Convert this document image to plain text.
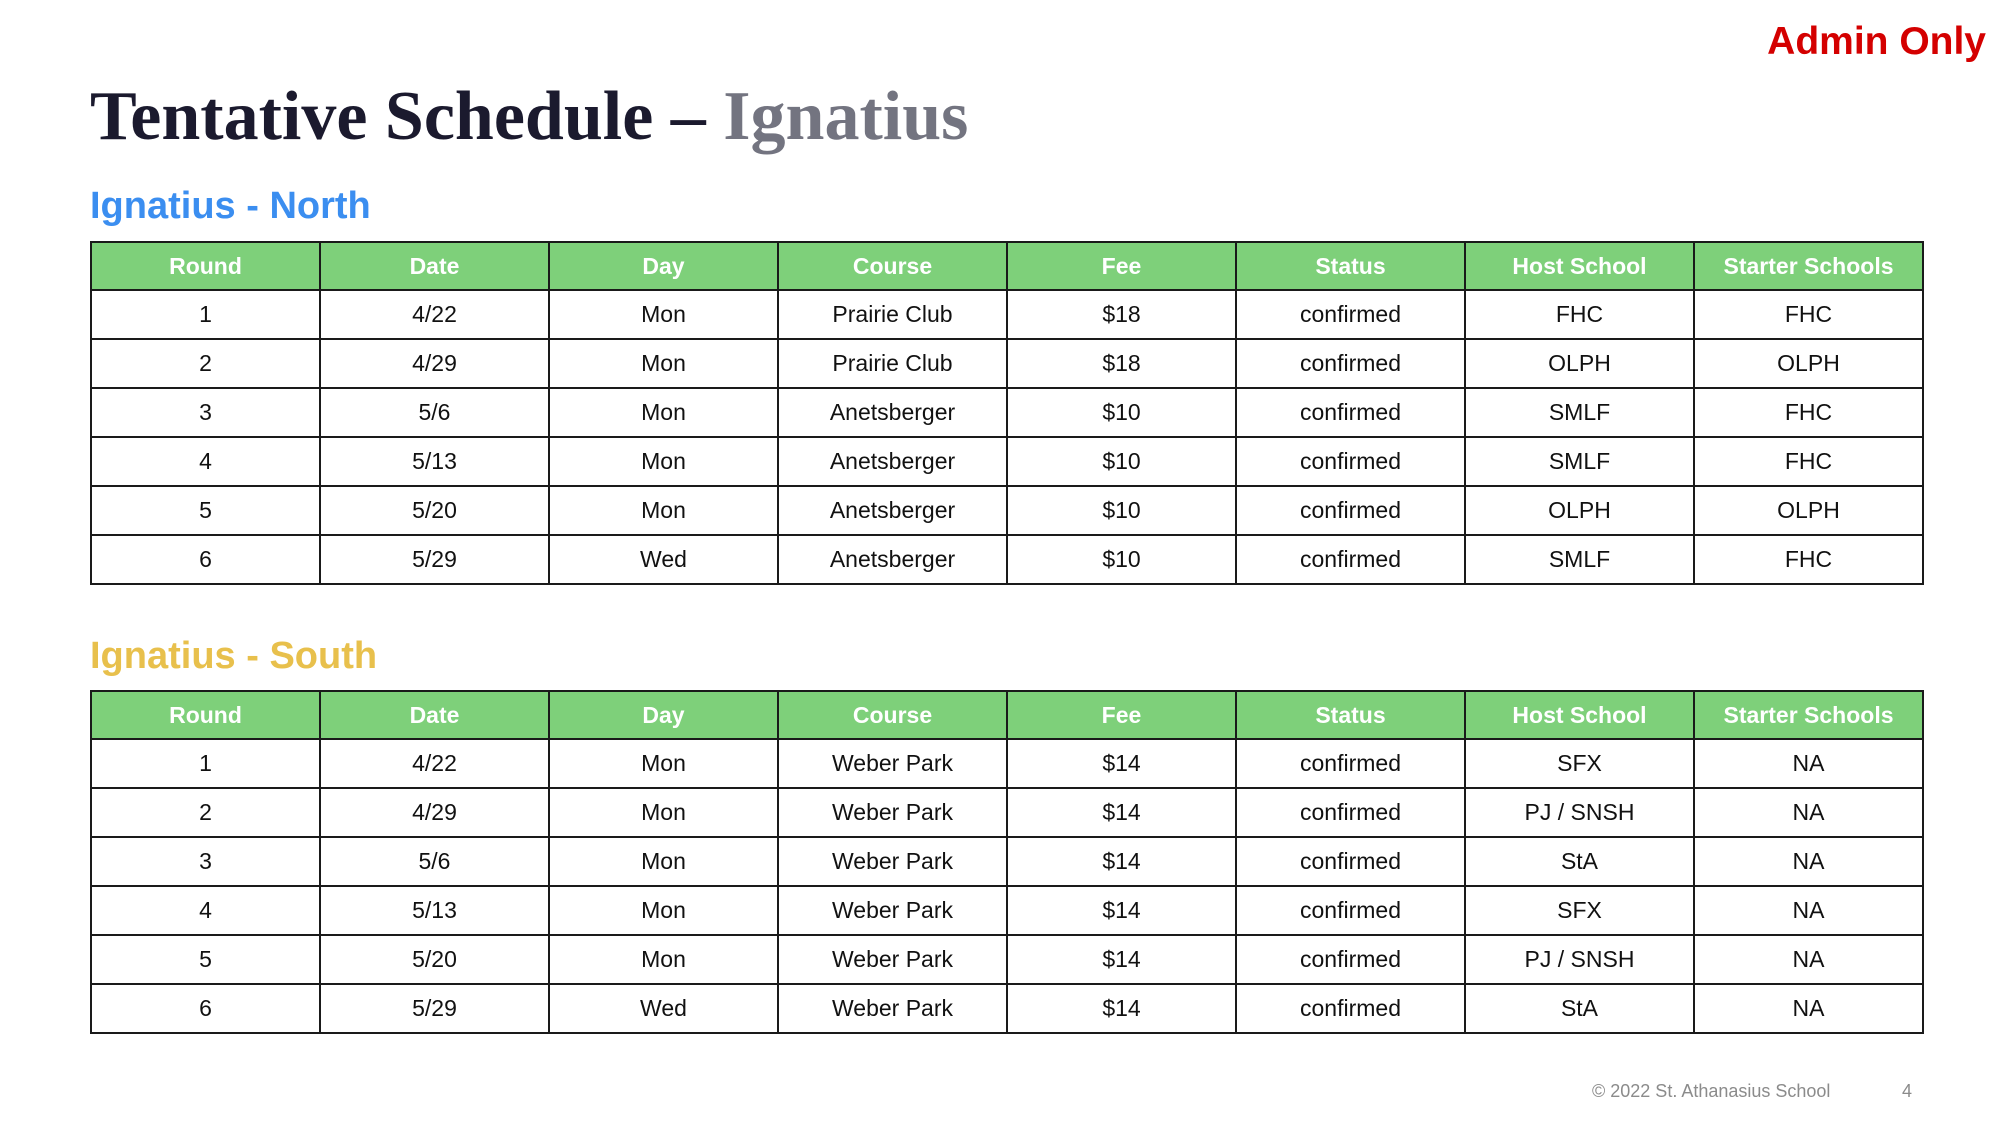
Admin Only
Tentative Schedule – Ignatius
Ignatius - North
Round	Date	Day	Course	Fee	Status	Host School	Starter Schools
1	4/22	Mon	Prairie Club	$18	confirmed	FHC	FHC
2	4/29	Mon	Prairie Club	$18	confirmed	OLPH	OLPH
3	5/6	Mon	Anetsberger	$10	confirmed	SMLF	FHC
4	5/13	Mon	Anetsberger	$10	confirmed	SMLF	FHC
5	5/20	Mon	Anetsberger	$10	confirmed	OLPH	OLPH
6	5/29	Wed	Anetsberger	$10	confirmed	SMLF	FHC
Ignatius - South
Round	Date	Day	Course	Fee	Status	Host School	Starter Schools
1	4/22	Mon	Weber Park	$14	confirmed	SFX	NA
2	4/29	Mon	Weber Park	$14	confirmed	PJ / SNSH	NA
3	5/6	Mon	Weber Park	$14	confirmed	StA	NA
4	5/13	Mon	Weber Park	$14	confirmed	SFX	NA
5	5/20	Mon	Weber Park	$14	confirmed	PJ / SNSH	NA
6	5/29	Wed	Weber Park	$14	confirmed	StA	NA
© 2022 St. Athanasius School	4
